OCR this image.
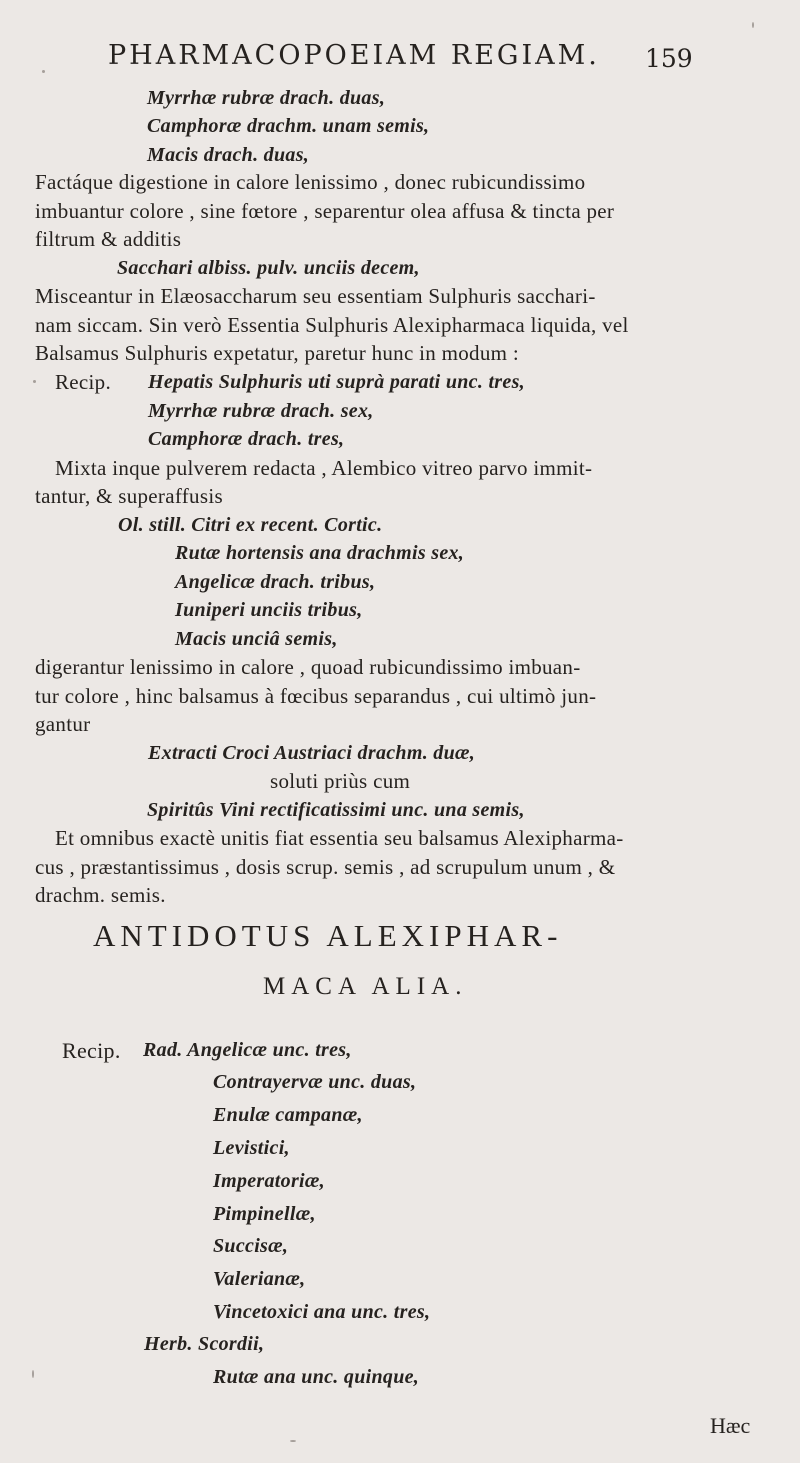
PHARMACOPOEIAM REGIAM. 159
Myrrhæ rubræ drach. duas,
Camphoræ drachm. unam semis,
Macis drach. duas,
Factáque digestione in calore lenissimo , donec rubicundissimo
imbuantur colore , sine fœtore , separentur olea affusa & tincta per
filtrum & additis
Sacchari albiss. pulv. unciis decem,
Misceantur in Elæosaccharum seu essentiam Sulphuris sacchari-
nam siccam. Sin verò Essentia Sulphuris Alexipharmaca liquida, vel
Balsamus Sulphuris expetatur, paretur hunc in modum :
Recip. Hepatis Sulphuris uti suprà parati unc. tres,
Myrrhæ rubræ drach. sex,
Camphoræ drach. tres,
Mixta inque pulverem redacta , Alembico vitreo parvo immit-
tantur, & superaffusis
Ol. still. Citri ex recent. Cortic.
Rutæ hortensis ana drachmis sex,
Angelicæ drach. tribus,
Iuniperi unciis tribus,
Macis unciâ semis,
digerantur lenissimo in calore , quoad rubicundissimo imbuan-
tur colore , hinc balsamus à fœcibus separandus , cui ultimò jun-
gantur
Extracti Croci Austriaci drachm. duæ,
soluti priùs cum
Spiritûs Vini rectificatissimi unc. una semis,
Et omnibus exactè unitis fiat essentia seu balsamus Alexipharma-
cus , præstantissimus , dosis scrup. semis , ad scrupulum unum , &
drachm. semis.
ANTIDOTUS ALEXIPHAR-
MACA ALIA.
Recip. Rad. Angelicæ unc. tres,
Contrayervæ unc. duas,
Enulæ campanæ,
Levistici,
Imperatoriæ,
Pimpinellæ,
Succisæ,
Valerianæ,
Vincetoxici ana unc. tres,
Herb. Scordii,
Rutæ ana unc. quinque,
Hæc
